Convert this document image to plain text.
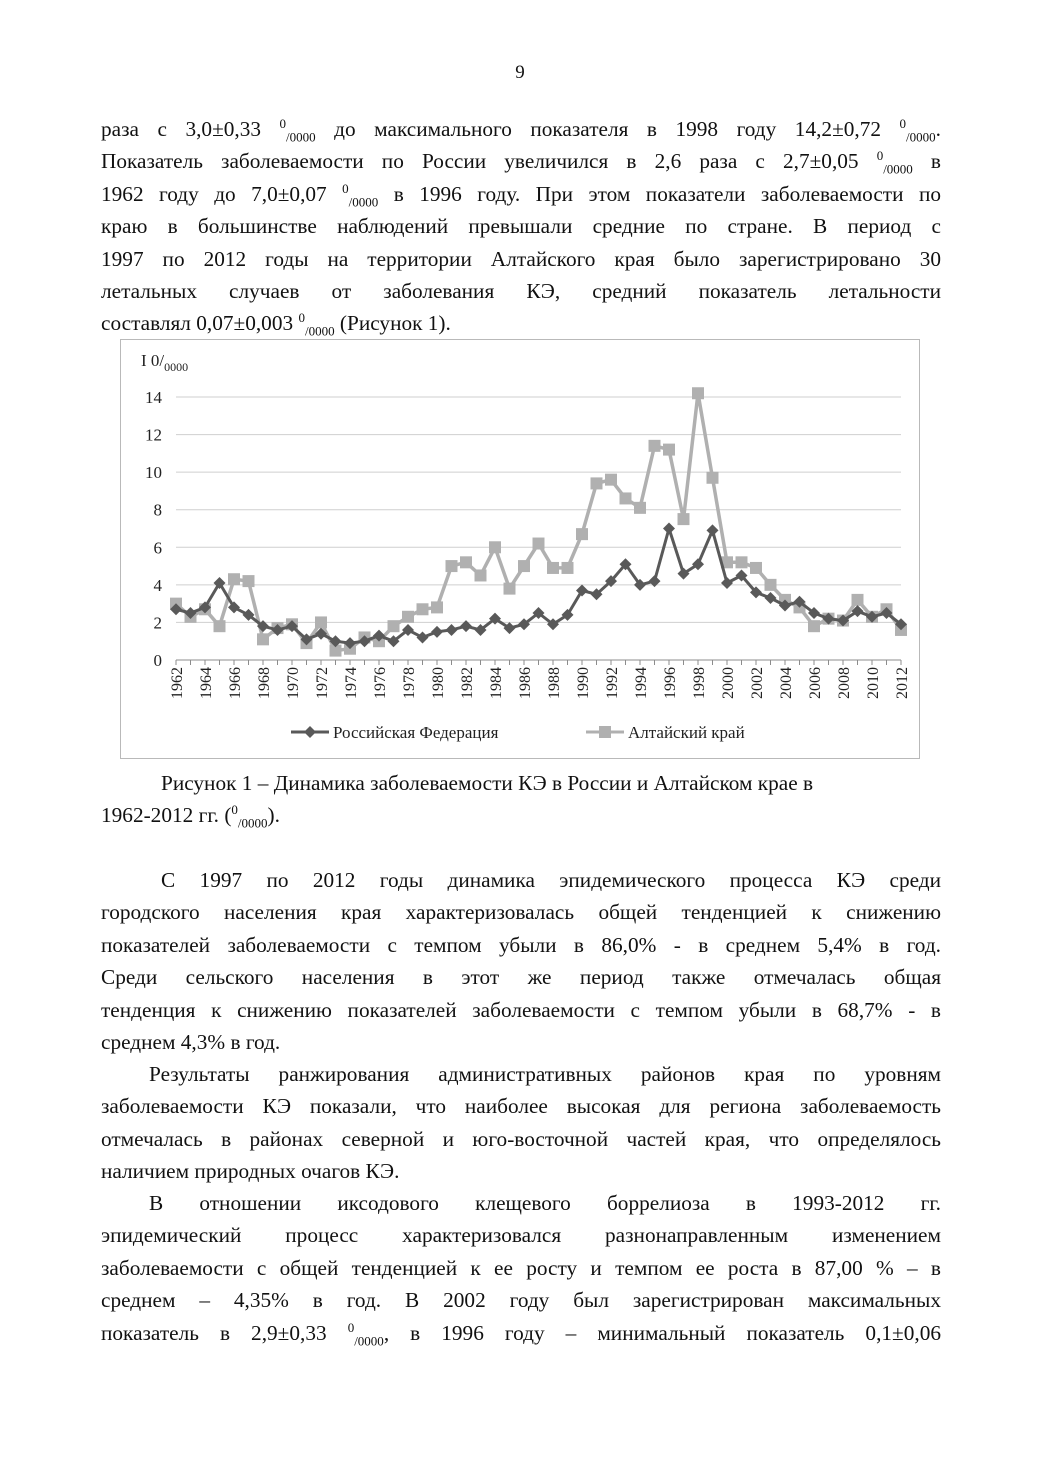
9
раза с 3,0±0,33 $^0_{/0000}$ до максимального показателя в 1998 году 14,2±0,72 $^0_{/0000}$.
Показатель заболеваемости по России увеличился в 2,6 раза с 2,7±0,05 $^0_{/0000}$ в
1962 году до 7,0±0,07 $^0_{/0000}$ в 1996 году. При этом показатели заболеваемости по
краю в большинстве наблюдений превышали средние по стране. В период с
1997 по 2012 годы на территории Алтайского края было зарегистрировано 30
летальных случаев от заболевания КЭ, средний показатель летальности
составлял 0,07±0,003 $^0_{/0000}$ (Рисунок 1).
I $0/_{0000}$
0
2
4
6
8
10
12
14
1962 1964 1966 1968 1970 1972 1974 1976 1978 1980 1982 1984 1986 1988 1990 1992 1994 1996 1998 2000 2002 2004 2006 2008 2010 2012
Российская Федерация	Алтайский край
Рисунок 1 – Динамика заболеваемости КЭ в России и Алтайском крае в
1962-2012 гг. ($^0_{/0000}$).
С 1997 по 2012 годы динамика эпидемического процесса КЭ среди
городского населения края характеризовалась общей тенденцией к снижению
показателей заболеваемости с темпом убыли в 86,0% - в среднем 5,4% в год.
Среди сельского населения в этот же период также отмечалась общая
тенденция к снижению показателей заболеваемости с темпом убыли в 68,7% - в
среднем 4,3% в год.
Результаты ранжирования административных районов края по уровням
заболеваемости КЭ показали, что наиболее высокая для региона заболеваемость
отмечалась в районах северной и юго-восточной частей края, что определялось
наличием природных очагов КЭ.
В отношении иксодового клещевого боррелиоза в 1993-2012 гг.
эпидемический процесс характеризовался разнонаправленным изменением
заболеваемости с общей тенденцией к ее росту и темпом ее роста в 87,00 % – в
среднем – 4,35% в год. В 2002 году был зарегистрирован максимальных
показатель в 2,9±0,33 $^0_{/0000}$, в 1996 году – минимальный показатель 0,1±0,06
